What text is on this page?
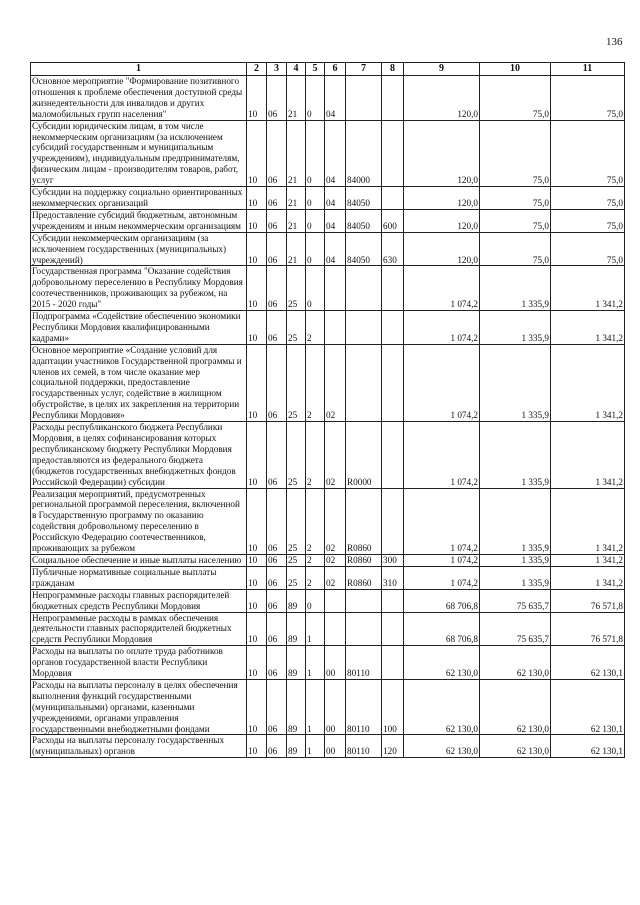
136
1	2	3	4	5	6	7	8	9	10	11
Основное мероприятие "Формирование позитивного отношения к проблеме обеспечения доступной среды жизнедеятельности для инвалидов и других маломобильных групп населения"	10	06	21	0	04			120,0	75,0	75,0
Субсидии юридическим лицам, в том числе некоммерческим организациям (за исключением субсидий государственным и муниципальным учреждениям), индивидуальным предпринимателям, физическим лицам - производителям товаров, работ, услуг	10	06	21	0	04	84000		120,0	75,0	75,0
Субсидии на поддержку социально ориентированных некоммерческих организаций	10	06	21	0	04	84050		120,0	75,0	75,0
Предоставление субсидий бюджетным, автономным учреждениям и иным некоммерческим организациям	10	06	21	0	04	84050	600	120,0	75,0	75,0
Субсидии некоммерческим организациям (за исключением государственных (муниципальных) учреждений)	10	06	21	0	04	84050	630	120,0	75,0	75,0
Государственная программа "Оказание содействия добровольному переселению в Республику Мордовия соотечественников, проживающих за рубежом, на 2015 - 2020 годы"	10	06	25	0				1 074,2	1 335,9	1 341,2
Подпрограмма «Содействие обеспечению экономики Республики Мордовия квалифицированными кадрами»	10	06	25	2				1 074,2	1 335,9	1 341,2
Основное мероприятие «Создание условий для адаптации участников Государственной программы и членов их семей, в том числе оказание мер социальной поддержки, предоставление государственных услуг, содействие в жилищном обустройстве, в целях их закрепления на территории Республики Мордовия»	10	06	25	2	02			1 074,2	1 335,9	1 341,2
Расходы республиканского бюджета Республики Мордовия, в целях софинансирования которых республиканскому бюджету Республики Мордовия предоставляются из федерального бюджета (бюджетов государственных внебюджетных фондов Российской Федерации) субсидии	10	06	25	2	02	R0000		1 074,2	1 335,9	1 341,2
Реализация мероприятий, предусмотренных региональной программой переселения, включенной в Государственную программу по оказанию содействия добровольному переселению в Российскую Федерацию соотечественников, проживающих за рубежом	10	06	25	2	02	R0860		1 074,2	1 335,9	1 341,2
Социальное обеспечение и иные выплаты населению	10	06	25	2	02	R0860	300	1 074,2	1 335,9	1 341,2
Публичные нормативные социальные выплаты гражданам	10	06	25	2	02	R0860	310	1 074,2	1 335,9	1 341,2
Непрограммные расходы главных распорядителей бюджетных средств Республики Мордовия	10	06	89	0				68 706,8	75 635,7	76 571,8
Непрограммные расходы в рамках обеспечения деятельности главных распорядителей бюджетных средств Республики Мордовия	10	06	89	1				68 706,8	75 635,7	76 571,8
Расходы на выплаты по оплате труда работников органов государственной власти Республики Мордовия	10	06	89	1	00	80110		62 130,0	62 130,0	62 130,1
Расходы на выплаты персоналу в целях обеспечения выполнения функций государственными (муниципальными) органами, казенными учреждениями, органами управления государственными внебюджетными фондами	10	06	89	1	00	80110	100	62 130,0	62 130,0	62 130,1
Расходы на выплаты персоналу государственных (муниципальных) органов	10	06	89	1	00	80110	120	62 130,0	62 130,0	62 130,1
